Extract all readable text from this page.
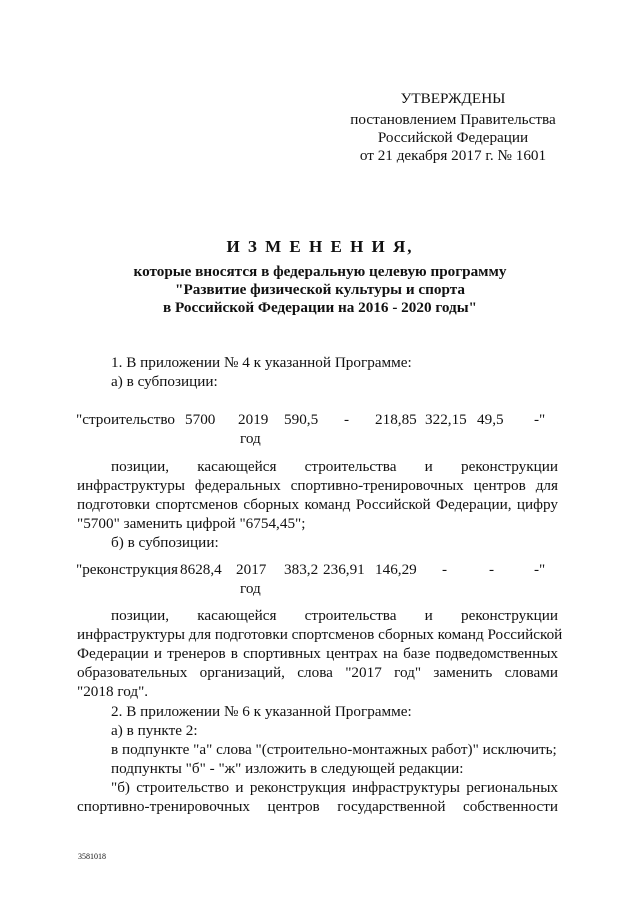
УТВЕРЖДЕНЫ
постановлением Правительства
Российской Федерации
от 21 декабря 2017 г. № 1601
И З М Е Н Е Н И Я,
которые вносятся в федеральную целевую программу
"Развитие физической культуры и спорта
в Российской Федерации на 2016 - 2020 годы"
1. В приложении № 4 к указанной Программе:
а) в субпозиции:
"строительство 5700 2019 590,5 - 218,85 322,15 49,5 -"
год
позиции, касающейся строительства и реконструкции
инфраструктуры федеральных спортивно-тренировочных центров для
подготовки спортсменов сборных команд Российской Федерации, цифру
"5700" заменить цифрой "6754,45";
б) в субпозиции:
"реконструкция 8628,4 2017 383,2 236,91 146,29 -	-	-"
год
позиции, касающейся строительства и реконструкции
инфраструктуры для подготовки спортсменов сборных команд Российской
Федерации и тренеров в спортивных центрах на базе подведомственных
образовательных организаций, слова "2017 год" заменить словами
"2018 год".
2. В приложении № 6 к указанной Программе:
а) в пункте 2:
в подпункте "а" слова "(строительно-монтажных работ)" исключить;
подпункты "б" - "ж" изложить в следующей редакции:
"б) строительство и реконструкция инфраструктуры региональных
спортивно-тренировочных центров государственной собственности
3581018
